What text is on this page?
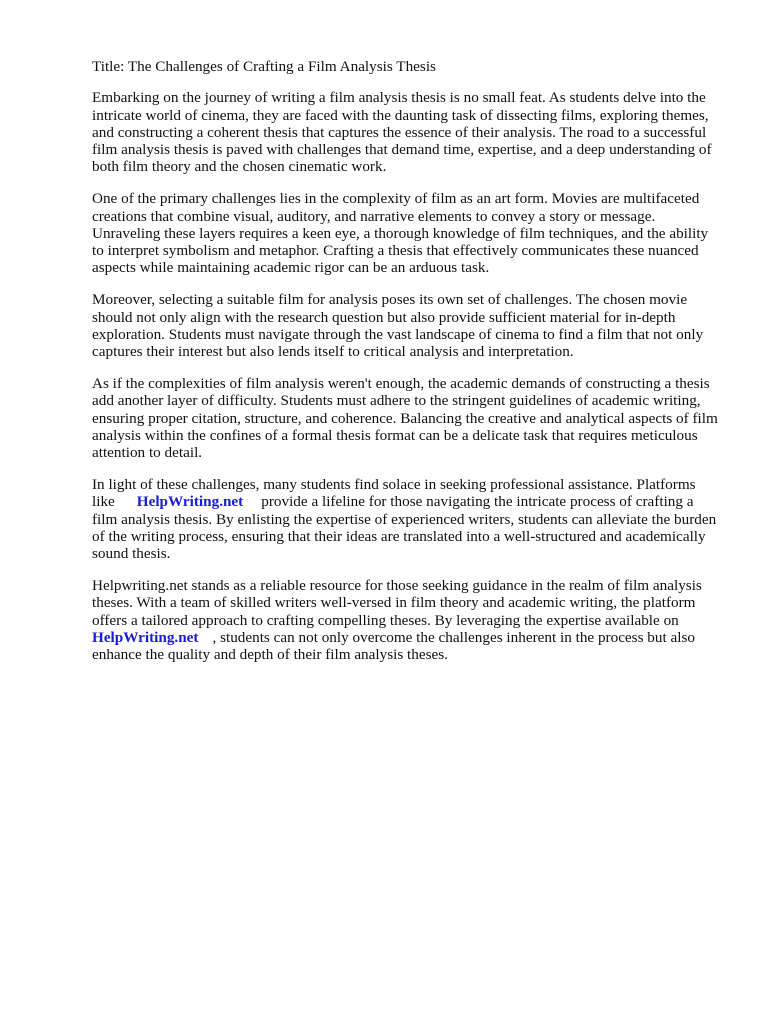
Title: The Challenges of Crafting a Film Analysis Thesis

Embarking on the journey of writing a film analysis thesis is no small feat. As students delve into the intricate world of cinema, they are faced with the daunting task of dissecting films, exploring themes, and constructing a coherent thesis that captures the essence of their analysis. The road to a successful film analysis thesis is paved with challenges that demand time, expertise, and a deep understanding of both film theory and the chosen cinematic work.

One of the primary challenges lies in the complexity of film as an art form. Movies are multifaceted creations that combine visual, auditory, and narrative elements to convey a story or message. Unraveling these layers requires a keen eye, a thorough knowledge of film techniques, and the ability to interpret symbolism and metaphor. Crafting a thesis that effectively communicates these nuanced aspects while maintaining academic rigor can be an arduous task.

Moreover, selecting a suitable film for analysis poses its own set of challenges. The chosen movie should not only align with the research question but also provide sufficient material for in-depth exploration. Students must navigate through the vast landscape of cinema to find a film that not only captures their interest but also lends itself to critical analysis and interpretation.

As if the complexities of film analysis weren't enough, the academic demands of constructing a thesis add another layer of difficulty. Students must adhere to the stringent guidelines of academic writing, ensuring proper citation, structure, and coherence. Balancing the creative and analytical aspects of film analysis within the confines of a formal thesis format can be a delicate task that requires meticulous attention to detail.

In light of these challenges, many students find solace in seeking professional assistance. Platforms like HelpWriting.net provide a lifeline for those navigating the intricate process of crafting a film analysis thesis. By enlisting the expertise of experienced writers, students can alleviate the burden of the writing process, ensuring that their ideas are translated into a well-structured and academically sound thesis.

Helpwriting.net stands as a reliable resource for those seeking guidance in the realm of film analysis theses. With a team of skilled writers well-versed in film theory and academic writing, the platform offers a tailored approach to crafting compelling theses. By leveraging the expertise available on HelpWriting.net , students can not only overcome the challenges inherent in the process but also enhance the quality and depth of their film analysis theses.
